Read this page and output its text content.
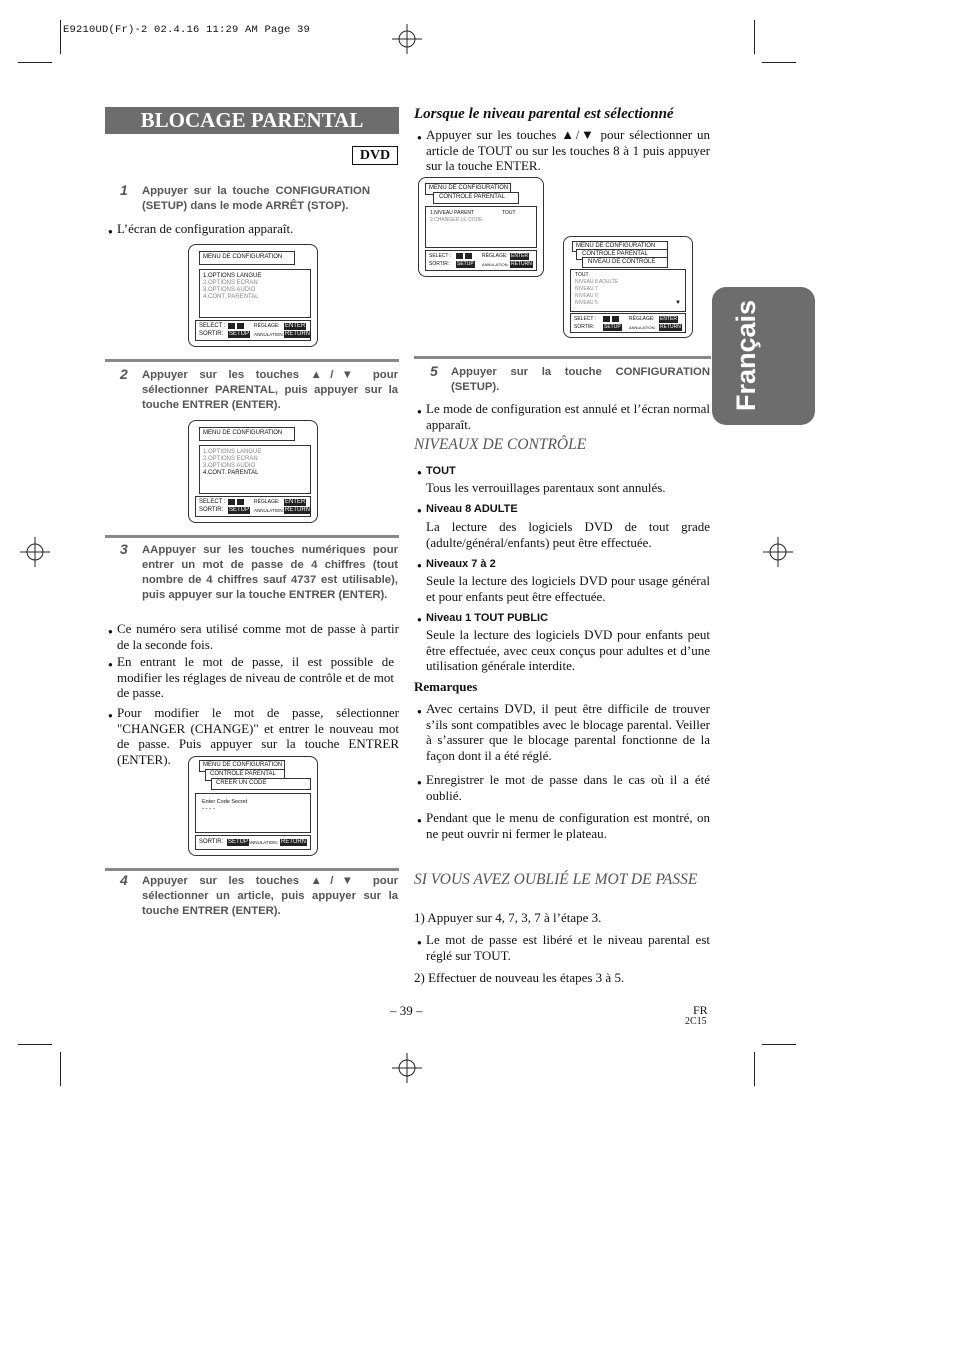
E9210UD(Fr)-2 02.4.16 11:29 AM Page 39
BLOCAGE PARENTAL
DVD
1 Appuyer sur la touche CONFIGURATION (SETUP) dans le mode ARRÊT (STOP).
● L’écran de configuration apparaît.
MENU DE CONFIGURATION
1.OPTIONS LANGUE
2.OPTIONS ECRAN
3.OPTIONS AUDIO
4.CONT. PARENTAL
SELECT :
	RÉGLAGE: ENTER
SORTIR: SETUP ANNULATION: RETURN
2 Appuyer sur les touches ▲/▼ pour sélectionner PARENTAL, puis appuyer sur la touche ENTRER (ENTER).
MENU DE CONFIGURATION
1.OPTIONS LANGUE
2.OPTIONS ECRAN
3.OPTIONS AUDIO
4.CONT. PARENTAL
SELECT :
	RÉGLAGE: ENTER
SORTIR: SETUP ANNULATION: RETURN
3 AAppuyer sur les touches numériques pour entrer un mot de passe de 4 chiffres (tout nombre de 4 chiffres sauf 4737 est utilisable), puis appuyer sur la touche ENTRER (ENTER).
● Ce numéro sera utilisé comme mot de passe à partir de la seconde fois.
● En entrant le mot de passe, il est possible de modifier les réglages de niveau de contrôle et de mot de passe.
● Pour modifier le mot de passe, sélectionner "CHANGER (CHANGE)" et entrer le nouveau mot de passe. Puis appuyer sur la touche ENTRER (ENTER).	MENU DE CONFIGURATION
CONTROLE PARENTAL
CREER UN CODE
Enter Code Secret
- - - -
SORTIR: SETUP ANNULATION: RETURN
4 Appuyer sur les touches ▲/▼ pour sélectionner un article, puis appuyer sur la touche ENTRER (ENTER).
Lorsque le niveau parental est sélectionné
● Appuyer sur les touches ▲/▼ pour sélectionner un article de TOUT ou sur les touches 8 à 1 puis appuyer sur la touche ENTER.
MENU DE CONFIGURATION
CONTROLE PARENTAL
1.NIVEAU PARENT	TOUT
2.CHANGER LE CODE
SELECT :
	RÉGLAGE: ENTER
SORTIR: SETUP ANNULATION: RETURN
MENU DE CONFIGURATION
CONTROLE PARENTAL
NIVEAU DE CONTROLE
TOUT
NIVEAU 8 ADULTE
NIVEAU 7
NIVEAU 6
NIVEAU 5	▼
SELECT :
	RÉGLAGE: ENTER
SORTIR: SETUP ANNULATION: RETURN
5 Appuyer sur la touche CONFIGURATION (SETUP).
● Le mode de configuration est annulé et l’écran normal apparaît.
NIVEAUX DE CONTRÔLE
● TOUT
Tous les verrouillages parentaux sont annulés.
● Niveau 8 ADULTE
La lecture des logiciels DVD de tout grade (adulte/général/enfants) peut être effectuée.
● Niveaux 7 à 2
Seule la lecture des logiciels DVD pour usage général et pour enfants peut être effectuée.
● Niveau 1 TOUT PUBLIC
Seule la lecture des logiciels DVD pour enfants peut être effectuée, avec ceux conçus pour adultes et d’une utilisation générale interdite.
Remarques
● Avec certains DVD, il peut être difficile de trouver s’ils sont compatibles avec le blocage parental. Veiller à s’assurer que le blocage parental fonctionne de la façon dont il a été réglé.
● Enregistrer le mot de passe dans le cas où il a été oublié.
● Pendant que le menu de configuration est montré, on ne peut ouvrir ni fermer le plateau.
SI VOUS AVEZ OUBLIÉ LE MOT DE PASSE
1) Appuyer sur 4, 7, 3, 7 à l’étape 3.
● Le mot de passe est libéré et le niveau parental est réglé sur TOUT.
2) Effectuer de nouveau les étapes 3 à 5.
– 39 –	FR
2C15
Français
